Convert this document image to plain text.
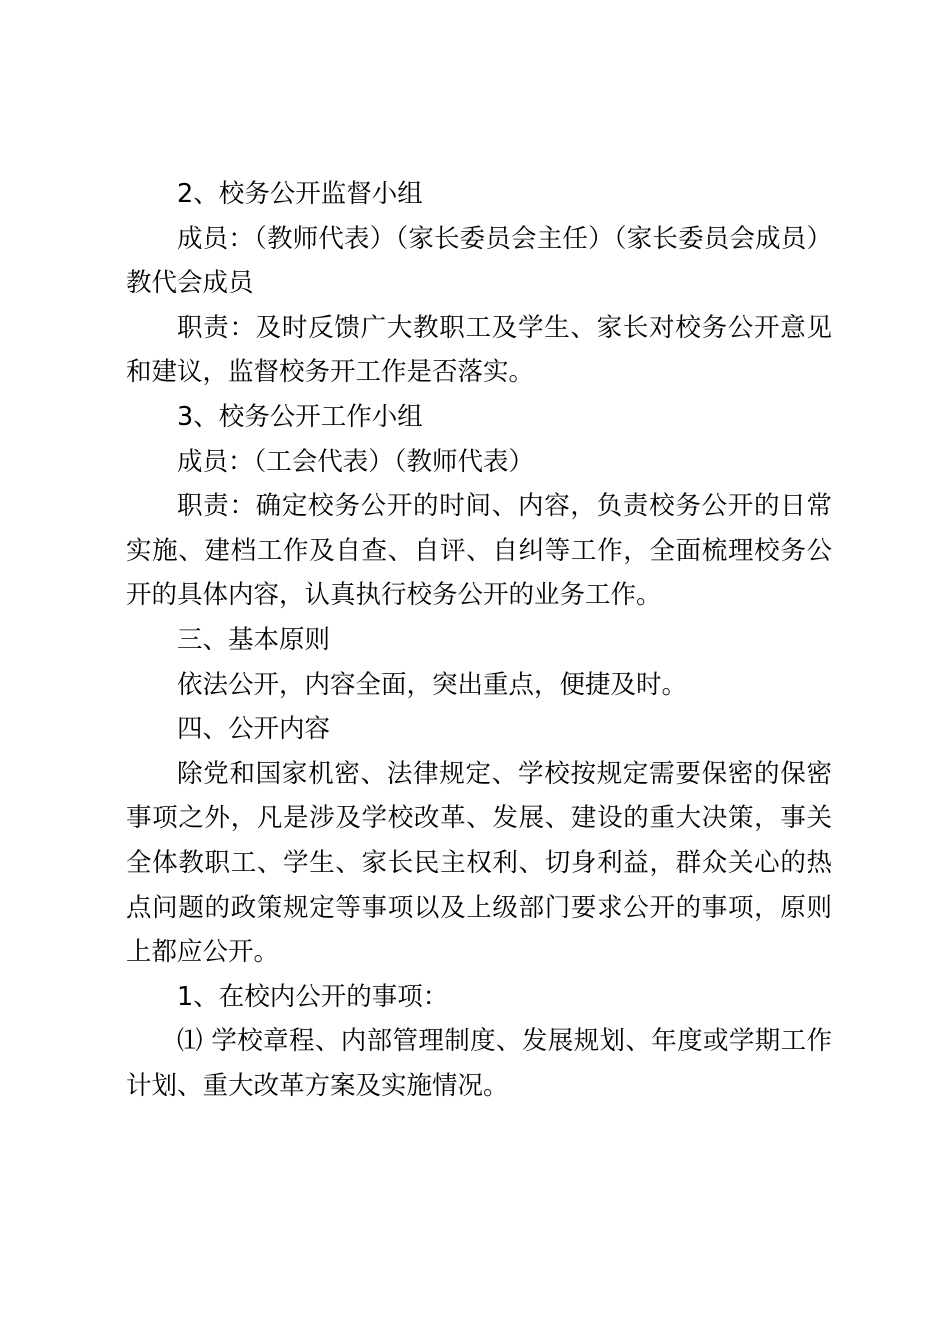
2、校务公开监督小组

成员：（教师代表）（家长委员会主任）（家长委员会成员）教代会成员

职责：及时反馈广大教职工及学生、家长对校务公开意见和建议，监督校务开工作是否落实。

3、校务公开工作小组

成员：（工会代表）（教师代表）

职责：确定校务公开的时间、内容，负责校务公开的日常实施、建档工作及自查、自评、自纠等工作，全面梳理校务公开的具体内容，认真执行校务公开的业务工作。

三、基本原则

依法公开，内容全面，突出重点，便捷及时。

四、公开内容

除党和国家机密、法律规定、学校按规定需要保密的保密事项之外，凡是涉及学校改革、发展、建设的重大决策，事关全体教职工、学生、家长民主权利、切身利益，群众关心的热点问题的政策规定等事项以及上级部门要求公开的事项，原则上都应公开。

1、在校内公开的事项：

⑴ 学校章程、内部管理制度、发展规划、年度或学期工作计划、重大改革方案及实施情况。
